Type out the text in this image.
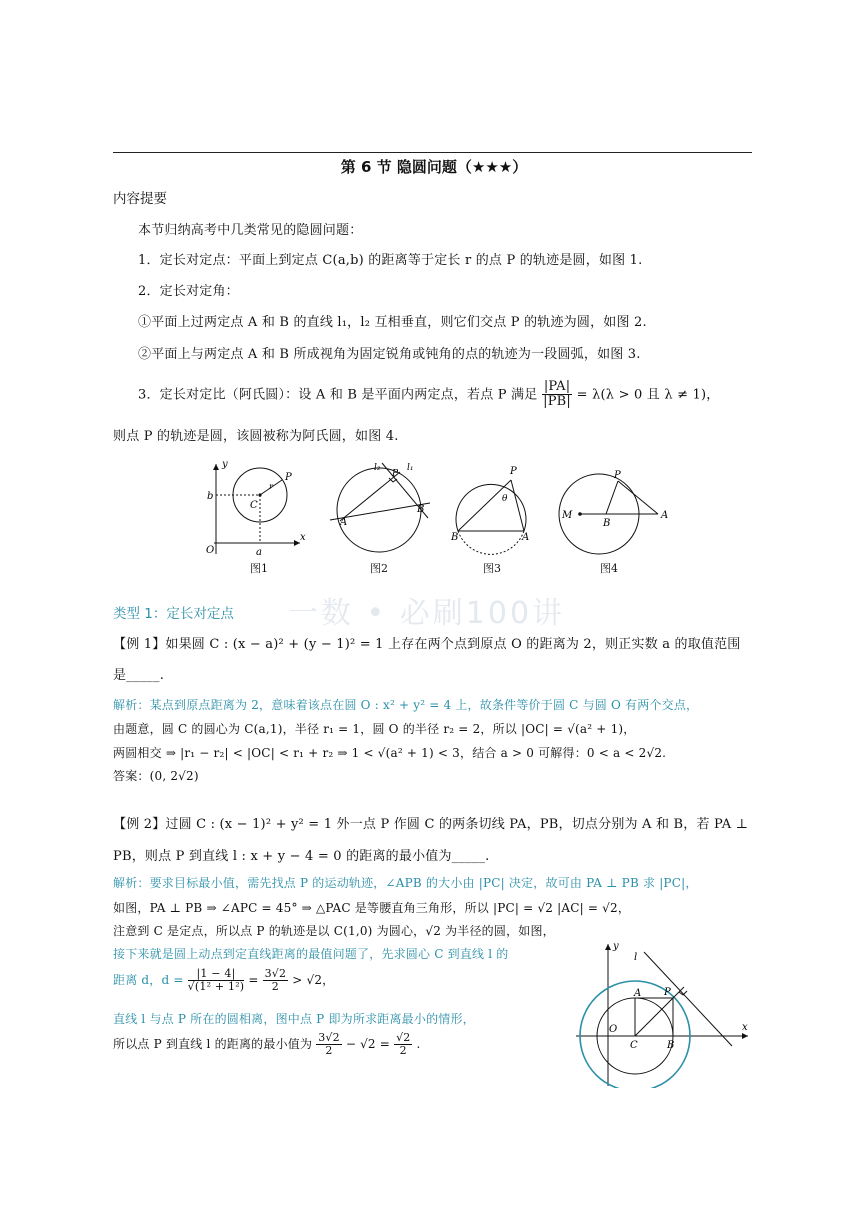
第 6 节 隐圆问题（★★★）
内容提要
本节归纳高考中几类常见的隐圆问题：
1．定长对定点：平面上到定点 C(a,b) 的距离等于定长 r 的点 P 的轨迹是圆，如图 1.
2．定长对定角：
①平面上过两定点 A 和 B 的直线 l₁，l₂ 互相垂直，则它们交点 P 的轨迹为圆，如图 2.
②平面上与两定点 A 和 B 所成视角为固定锐角或钝角的点的轨迹为一段圆弧，如图 3.
3．定长对定比（阿氏圆）：设 A 和 B 是平面内两定点，若点 P 满足 $\frac{|PA|}{|PB|} = \lambda(\lambda > 0$ 且 λ ≠ 1)，
则点 P 的轨迹是圆，该圆被称为阿氏圆，如图 4.
y
x
O
b
a
C
P
r
图1
l₂	l₁
P
A
B
图2
P
θ
B	A
图3
M
P
B
A
图4
一数 • 必刷100讲
类型 1：定长对定点
【例 1】如果圆 C : (x − a)² + (y − 1)² = 1 上存在两个点到原点 O 的距离为 2，则正实数 a 的取值范围
是_____.
解析：某点到原点距离为 2，意味着该点在圆 O : x² + y² = 4 上，故条件等价于圆 C 与圆 O 有两个交点，
由题意，圆 C 的圆心为 C(a,1)，半径 r₁ = 1，圆 O 的半径 r₂ = 2，所以 |OC| = √(a² + 1)，
两圆相交 ⇒ |r₁ − r₂| < |OC| < r₁ + r₂ ⇒ 1 < √(a² + 1) < 3，结合 a > 0 可解得：0 < a < 2√2.
答案：(0, 2√2)
【例 2】过圆 C : (x − 1)² + y² = 1 外一点 P 作圆 C 的两条切线 PA，PB，切点分别为 A 和 B，若 PA ⊥
PB，则点 P 到直线 l : x + y − 4 = 0 的距离的最小值为_____.
解析：要求目标最小值，需先找点 P 的运动轨迹，∠APB 的大小由 |PC| 决定，故可由 PA ⊥ PB 求 |PC|，
如图，PA ⊥ PB ⇒ ∠APC = 45° ⇒ △PAC 是等腰直角三角形，所以 |PC| = √2 |AC| = √2，
注意到 C 是定点，所以点 P 的轨迹是以 C(1,0) 为圆心，√2 为半径的圆，如图，
接下来就是圆上动点到定直线距离的最值问题了，先求圆心 C 到直线 l 的
距离 d，$d = \frac{|1 - 4|}{\text{√(1² + 1²)}} = \frac{3√2}{2} > √2$，
直线 l 与点 P 所在的圆相离，图中点 P 即为所求距离最小的情形，
所以点 P 到直线 l 的距离的最小值为 $\frac{3√2}{2} - √2 = \frac{√2}{2}$ .
y
x
l
O
A P
C	B
